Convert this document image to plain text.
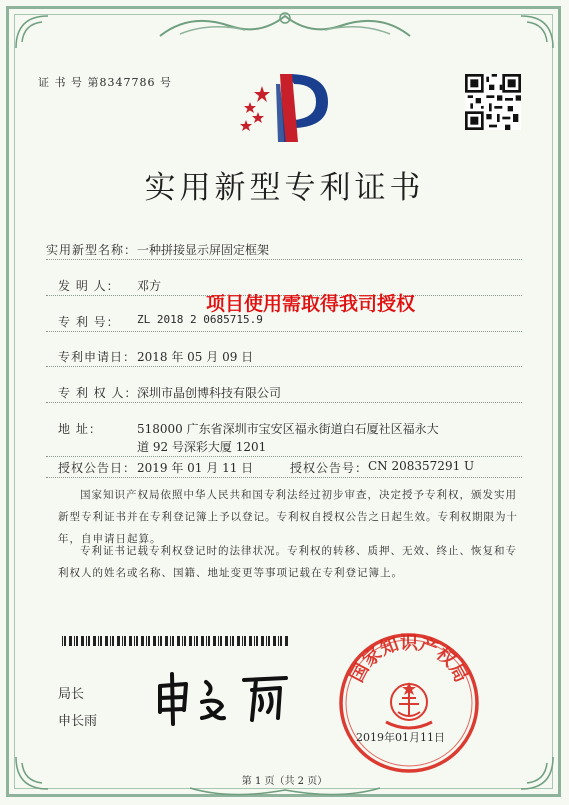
证 书 号 第8347786 号
实用新型专利证书
实用新型名称： 一种拼接显示屏固定框架
发 明 人： 邓方
项目使用需取得我司授权
专 利 号： ZL 2018 2 0685715.9
专利申请日： 2018 年 05 月 09 日
专 利 权 人： 深圳市晶创博科技有限公司
地 址：	518000 广东省深圳市宝安区福永街道白石厦社区福永大
道 92 号深彩大厦 1201
授权公告日： 2019 年 01 月 11 日	授权公告号： CN 208357291 U
国家知识产权局依照中华人民共和国专利法经过初步审查，决定授予专利权，颁发实用新型专利证书并在专利登记簿上予以登记。专利权自授权公告之日起生效。专利权期限为十年，自申请日起算。
专利证书记载专利权登记时的法律状况。专利权的转移、质押、无效、终止、恢复和专利权人的姓名或名称、国籍、地址变更等事项记载在专利登记簿上。
局长
申长雨
国家知识产权局
2019年01月11日
第 1 页（共 2 页）
